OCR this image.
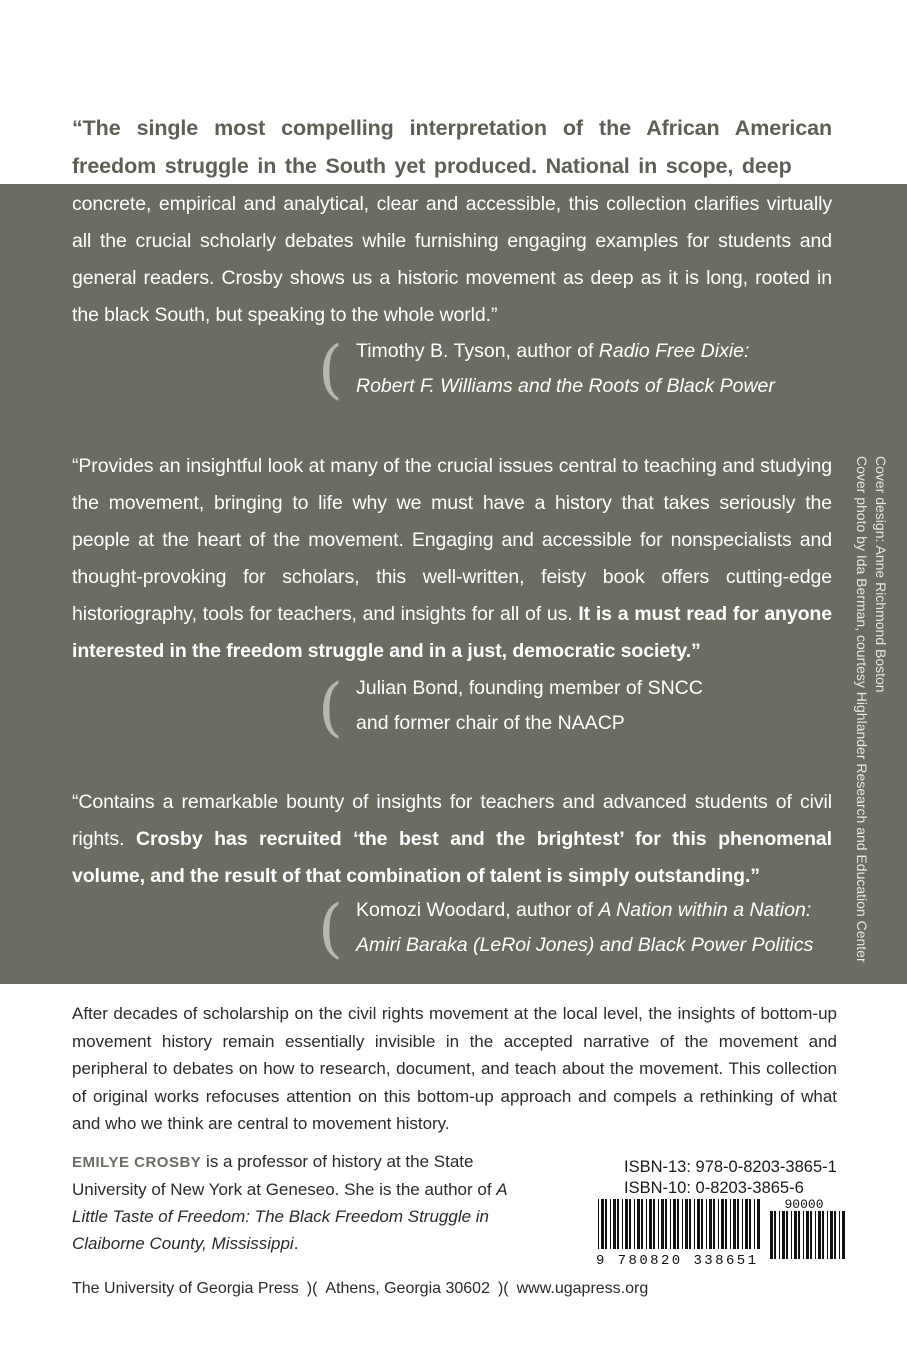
“The single most compelling interpretation of the African American freedom struggle in the South yet produced. National in scope, deep and concrete, empirical and analytical, clear and accessible, this collection clarifies virtually all the crucial scholarly debates while furnishing engaging examples for students and general readers. Crosby shows us a historic movement as deep as it is long, rooted in the black South, but speaking to the whole world.”

( Timothy B. Tyson, author of Radio Free Dixie:
Robert F. Williams and the Roots of Black Power

“Provides an insightful look at many of the crucial issues central to teaching and studying the movement, bringing to life why we must have a history that takes seriously the people at the heart of the movement. Engaging and accessible for nonspecialists and thought-provoking for scholars, this well-written, feisty book offers cutting-edge historiography, tools for teachers, and insights for all of us. It is a must read for anyone interested in the freedom struggle and in a just, democratic society.”

( Julian Bond, founding member of SNCC
and former chair of the NAACP

“Contains a remarkable bounty of insights for teachers and advanced students of civil rights. Crosby has recruited ‘the best and the brightest’ for this phenomenal volume, and the result of that combination of talent is simply outstanding.”

( Komozi Woodard, author of A Nation within a Nation:
Amiri Baraka (LeRoi Jones) and Black Power Politics
Cover design: Anne Richmond Boston
Cover photo by Ida Berman, courtesy Highlander Research and Education Center

After decades of scholarship on the civil rights movement at the local level, the insights of bottom-up movement history remain essentially invisible in the accepted narrative of the movement and peripheral to debates on how to research, document, and teach about the movement. This collection of original works refocuses attention on this bottom-up approach and compels a rethinking of what and who we think are central to movement history.

EMILYE CROSBY is a professor of history at the State University of New York at Geneseo. She is the author of A Little Taste of Freedom: The Black Freedom Struggle in Claiborne County, Mississippi.

ISBN-13: 978-0-8203-3865-1
ISBN-10: 0-8203-3865-6
90000
9 780820 338651
The University of Georgia Press )( Athens, Georgia 30602 )( www.ugapress.org
